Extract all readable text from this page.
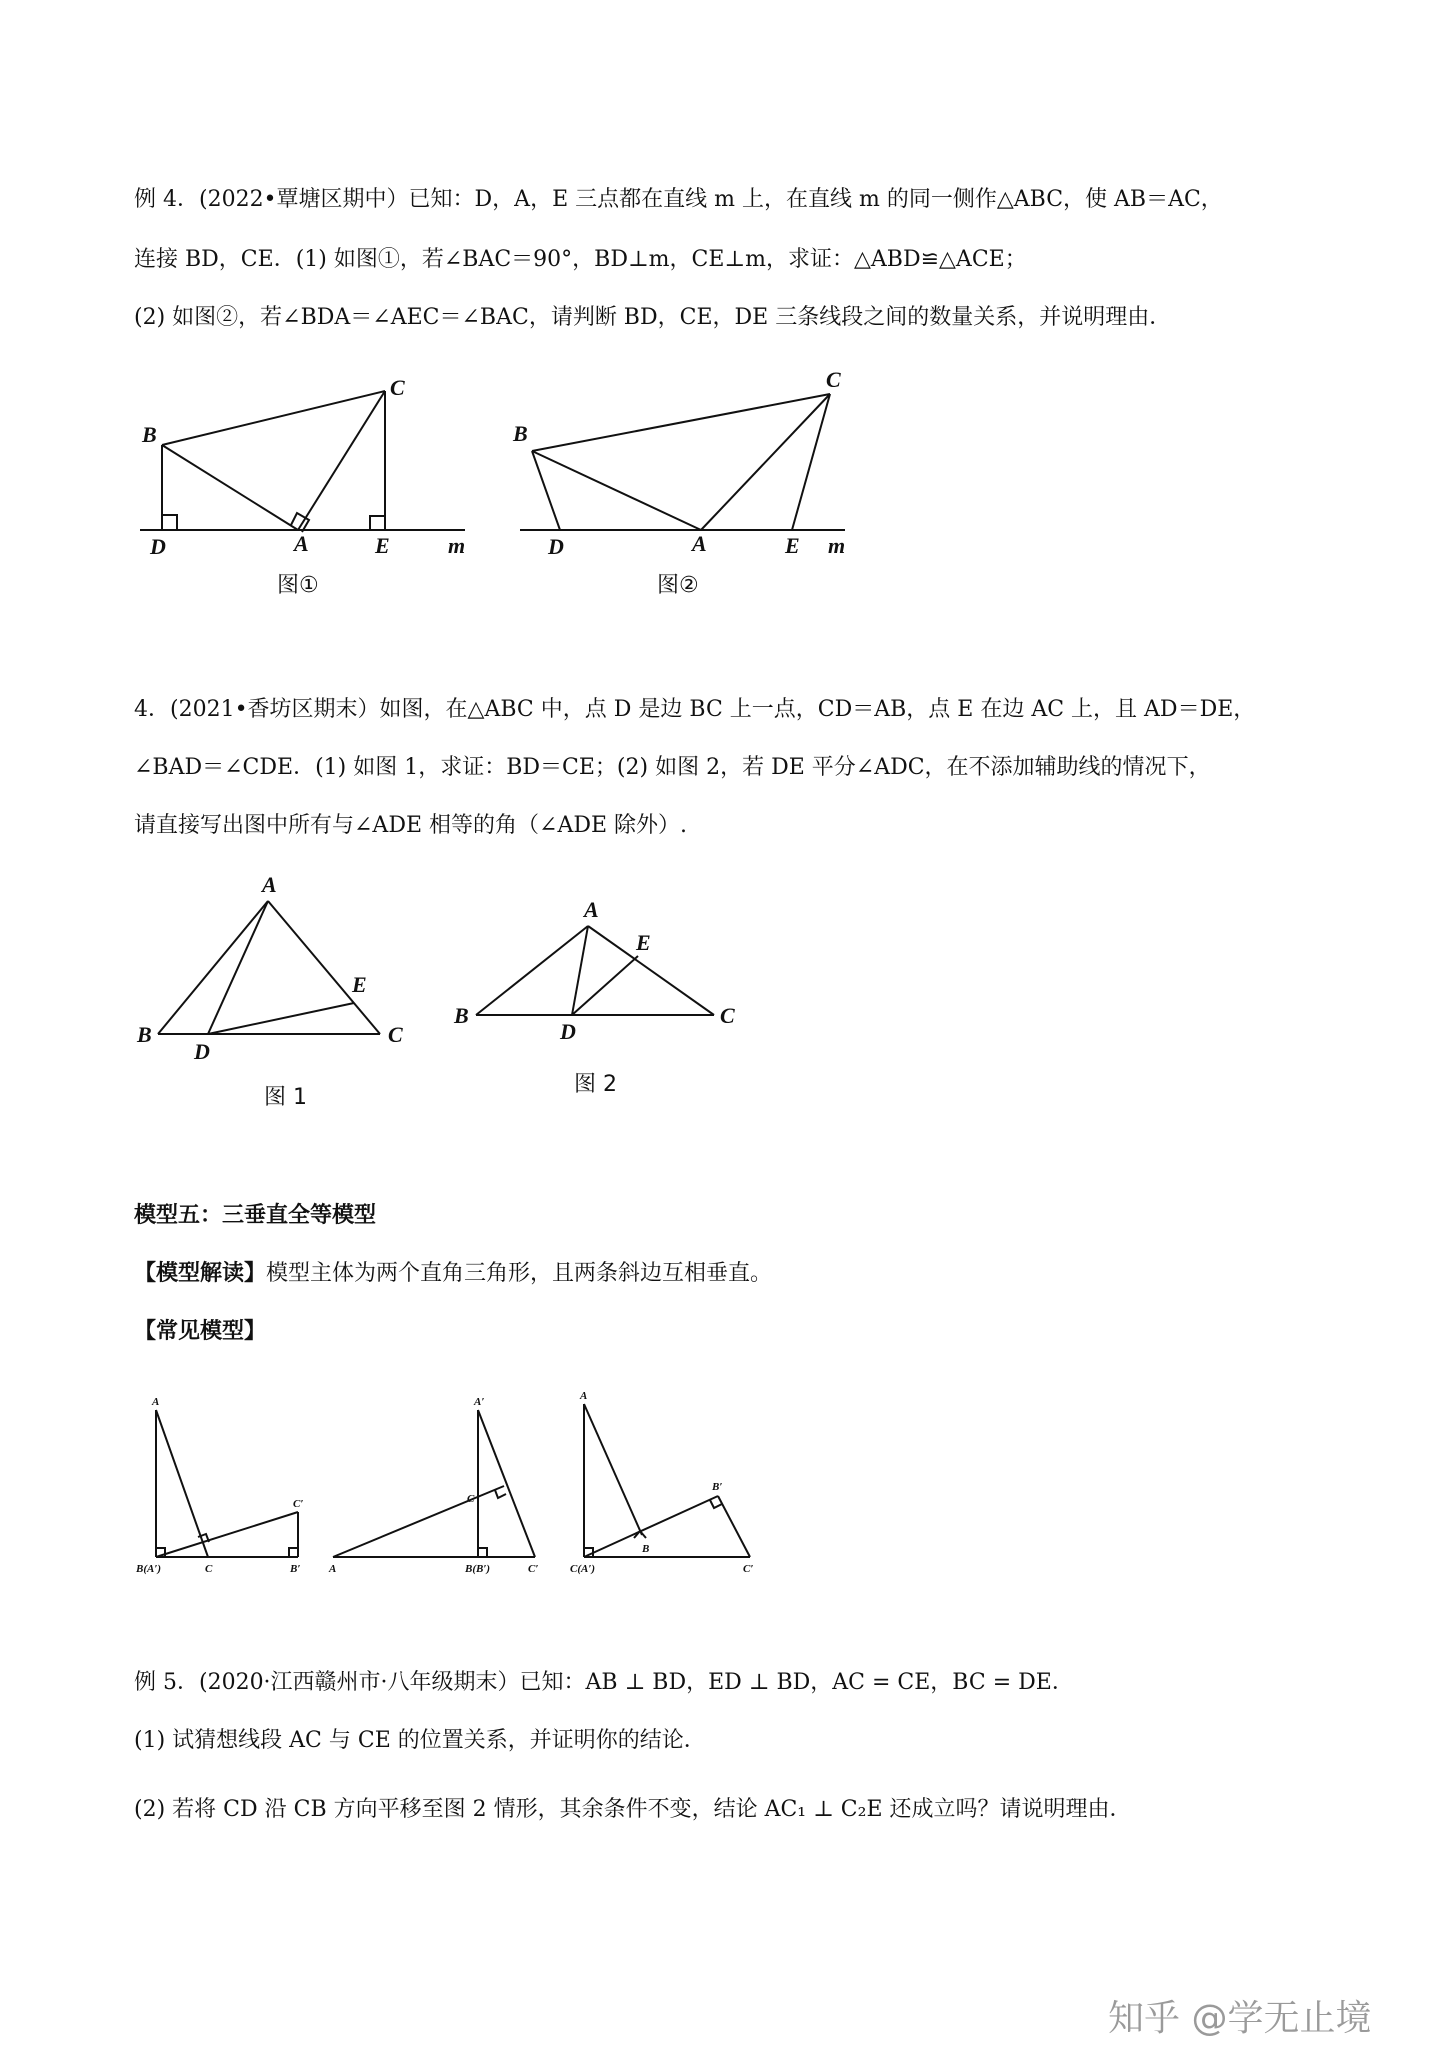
例 4．(2022•覃塘区期中）已知：D，A，E 三点都在直线 m 上，在直线 m 的同一侧作△ABC，使 AB＝AC，
连接 BD，CE．(1) 如图①，若∠BAC＝90°，BD⊥m，CE⊥m，求证：△ABD≌△ACE；
(2) 如图②，若∠BDA＝∠AEC＝∠BAC，请判断 BD，CE，DE 三条线段之间的数量关系，并说明理由．
B
C
D	A	E	m
图①
B
C
D	A	E m
图②
4．(2021•香坊区期末）如图，在△ABC 中，点 D 是边 BC 上一点，CD＝AB，点 E 在边 AC 上，且 AD＝DE，
∠BAD＝∠CDE．(1) 如图 1，求证：BD＝CE；(2) 如图 2，若 DE 平分∠ADC，在不添加辅助线的情况下，
请直接写出图中所有与∠ADE 相等的角（∠ADE 除外）.
A
B	C
D
E
图 1
A
B	C
D
E
图 2
模型五：三垂直全等模型
【模型解读】模型主体为两个直角三角形，且两条斜边互相垂直。
【常见模型】
A
C′
C
B(A′)	B′
A′
C
A	B(B′)	C′
A
B′
B
C(A′)	C′
例 5．(2020·江西赣州市·八年级期末）已知：AB ⊥ BD，ED ⊥ BD，AC = CE，BC = DE．
(1) 试猜想线段 AC 与 CE 的位置关系，并证明你的结论．
(2) 若将 CD 沿 CB 方向平移至图 2 情形，其余条件不变，结论 AC₁ ⊥ C₂E 还成立吗？请说明理由．
知乎 @学无止境
